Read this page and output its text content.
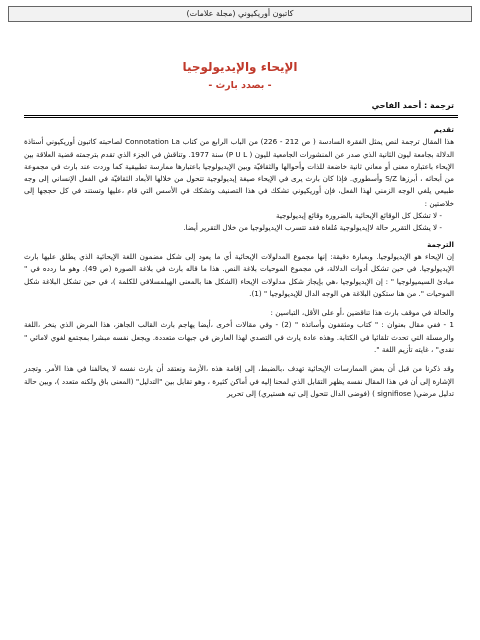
كاتبون أوريكيوني (مجلة علامات)
الإيحاء والإيديولوجيا
- بصدد بارث -
ترجمة : أحمد الفاحي

تقديم

هذا المقال ترجمة لنص يمثل الفقرة السادسة ( ص 212 - 226) من الباب الرابع من كتاب Connotation La لصاحبته كاتبون أوريكيوني أستاذة الدلالة بجامعة ليون الثانية الذي صدر عن المنشورات الجامعية لليون ( P U L) سنة 1977. وتناقش في الجزء الذي تقدم بترجمته قضية العلاقة بين الإيحاء باعتباره معنى أو معاني ثانية خاضعة للذات وأحوالها والثقافيّة وبين الإيديولوجيا باعتبارها ممارسة تطبيقية كما وردت عند بارث في مجموعة من أبحاثه ، أبرزها S/Z وأسطوري. فإذا كان بارث يرى في الإيحاء صيغة إيديولوجية تتحول من خلالها الأبعاد الثقافيّة في الفعل الإنساني إلى وجه طبيعي يلغي الوجه الزمني لهذا الفعل، فإن أوريكيوني تشكك في هذا التصنيف وتشكك في الأسس التي قام ،عليها وتستند في كل حججها إلى خلاصتين :

- لا تشكل كل الوقائع الإيحائية بالضرورة وقائع إيديولوجية

- لا يشكل التقرير حالة لاإيديولوجية مُلغاة فقد تتسرب الإيديولوجيا من خلال التقرير أيضا.

الترجمة

إن الإيحاء هو الإيديولوجيا. وبعبارة دقيقة: إنها مجموع المدلولات الإيحائية أي ما يعود إلى شكل مضمون اللغة الإيحائية الذي يطلق عليها بارث الإيديولوجيا. في حين تشكل أدوات الدلالة، في مجموع الموحيات بلاغة النص. هذا ما قاله بارث في بلاغة الصورة (ص 49). وهو ما ردده في " مبادئ السيميولوجيا " : إن الإيديولوجيا ،هي بإيجاز شكل مدلولات الإيحاء (الشكل هنا بالمعنى الهيلمسلافي للكلمة )، في حين تشكل البلاغة شكل الموحيات ". من هنا ستكون البلاغة هي الوجه الدال للإيديولوجيا " (1).

والحالة في موقف بارث هذا تناقضين ،أو على الأقل، التباسين :

1 - ففي مقال بعنوان : " كتاب ومثقفون وأساتذة " (2) - وفي مقالات أخرى ،أيضا يهاجم بارث القالب الجاهز، هذا المرض الذي ينخر ،اللغة والرمسلة التي تحدث تلقائيا في الكتابة. وهذه عادة يارث في التصدي لهذا العارض في جبهات متعددة. ويجعل نفسه مبشرا بمجتمع لغوي لامائي " نقدي" ، غايته تأزيم اللغة ".

وقد ذكرنا من قبل أن بعض الممارسات الإيحائية تهدف ،بالضبط، إلى إقامة هذه ،الأزمة ونعتقد أن بارث نفسه لا يخالفنا في هذا الأمر. وتجدر الإشارة إلى أن في هذا المقال نفسه يظهر التقابل الذي لمحنا إليه في أماكن كثيرة ، وهو تقابل بين "التدليل" (المعنى باق ولكنه متعدد )، وبين حالة تدليل مرضي( signifiose ) (فوضى الدال تتحول إلى تيه هستيري) إلى تحرير
